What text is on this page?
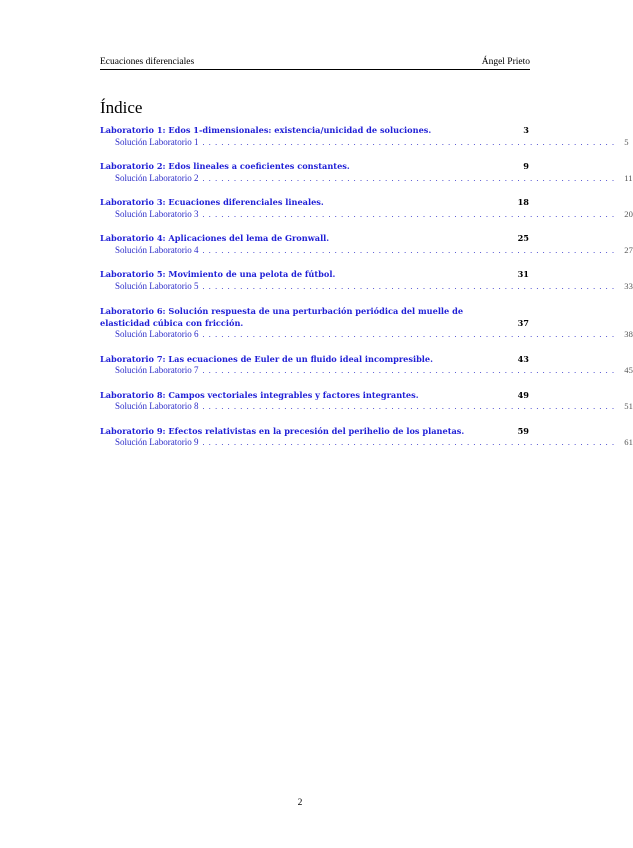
Ecuaciones diferenciales	Ángel Prieto
Índice
Laboratorio 1: Edos 1-dimensionales: existencia/unicidad de soluciones.	3
Solución Laboratorio 1 .................................................................. 5
Laboratorio 2: Edos lineales a coeficientes constantes.	9
Solución Laboratorio 2 .................................................................. 11
Laboratorio 3: Ecuaciones diferenciales lineales.	18
Solución Laboratorio 3 .................................................................. 20
Laboratorio 4: Aplicaciones del lema de Gronwall.	25
Solución Laboratorio 4 .................................................................. 27
Laboratorio 5: Movimiento de una pelota de fútbol.	31
Solución Laboratorio 5 .................................................................. 33
Laboratorio 6: Solución respuesta de una perturbación periódica del muelle de
elasticidad cúbica con fricción.	37
Solución Laboratorio 6 .................................................................. 38
Laboratorio 7: Las ecuaciones de Euler de un fluido ideal incompresible.	43
Solución Laboratorio 7 .................................................................. 45
Laboratorio 8: Campos vectoriales integrables y factores integrantes.	49
Solución Laboratorio 8 .................................................................. 51
Laboratorio 9: Efectos relativistas en la precesión del perihelio de los planetas.	59
Solución Laboratorio 9 .................................................................. 61
2
